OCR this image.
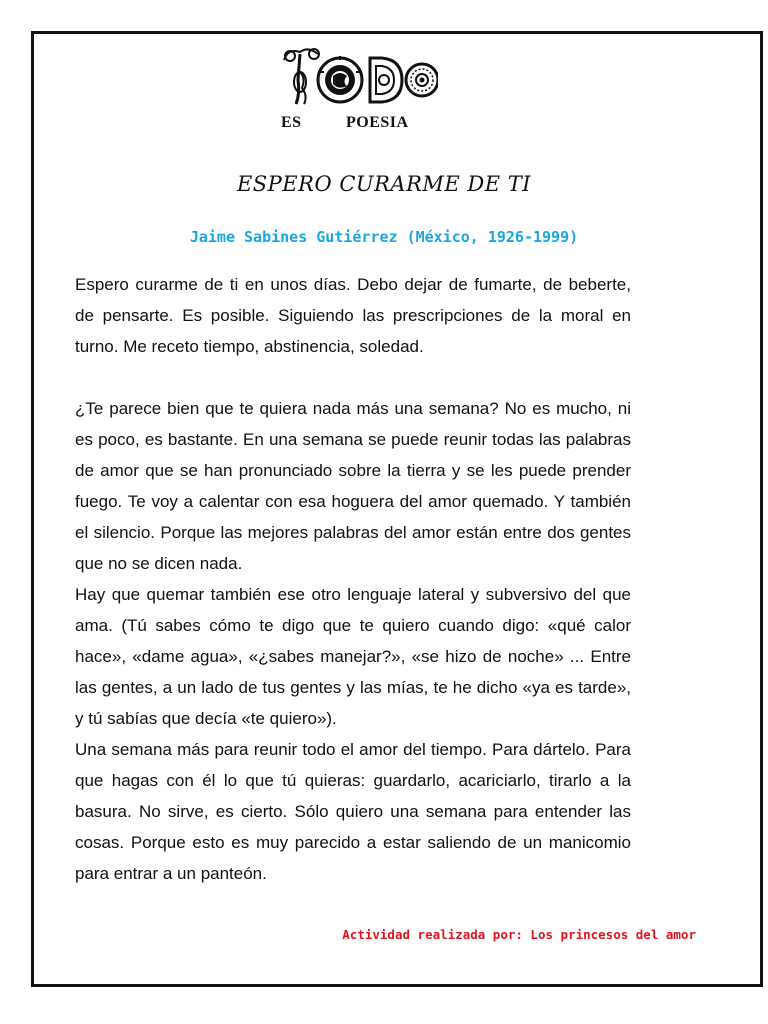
ES	POESIA
ESPERO CURARME DE TI
Jaime Sabines Gutiérrez (México, 1926-1999)

Espero curarme de ti en unos días. Debo dejar de fumarte, de beberte, de pensarte. Es posible. Siguiendo las prescripciones de la moral en turno. Me receto tiempo, abstinencia, soledad.

¿Te parece bien que te quiera nada más una semana? No es mucho, ni es poco, es bastante. En una semana se puede reunir todas las palabras de amor que se han pronunciado sobre la tierra y se les puede prender fuego. Te voy a calentar con esa hoguera del amor quemado. Y también el silencio. Porque las mejores palabras del amor están entre dos gentes que no se dicen nada.

Hay que quemar también ese otro lenguaje lateral y subversivo del que ama. (Tú sabes cómo te digo que te quiero cuando digo: «qué calor hace», «dame agua», «¿sabes manejar?», «se hizo de noche» ... Entre las gentes, a un lado de tus gentes y las mías, te he dicho «ya es tarde», y tú sabías que decía «te quiero»).

Una semana más para reunir todo el amor del tiempo. Para dártelo. Para que hagas con él lo que tú quieras: guardarlo, acariciarlo, tirarlo a la basura. No sirve, es cierto. Sólo quiero una semana para entender las cosas. Porque esto es muy parecido a estar saliendo de un manicomio para entrar a un panteón.

Actividad realizada por: Los princesos del amor
